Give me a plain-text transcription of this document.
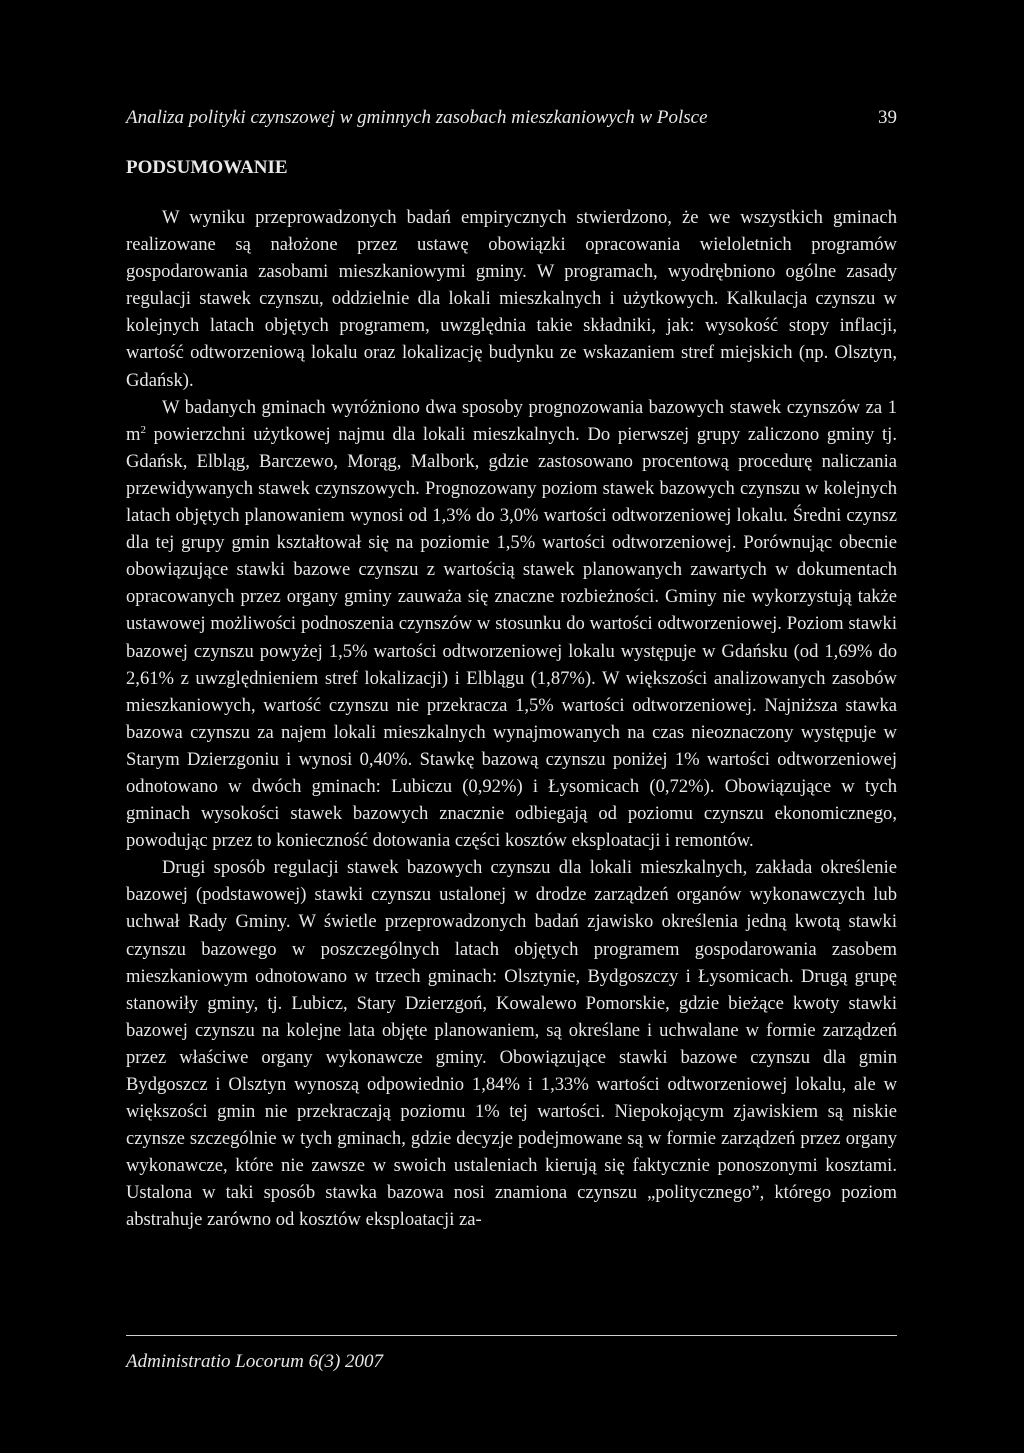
Analiza polityki czynszowej w gminnych zasobach mieszkaniowych w Polsce	39
PODSUMOWANIE

W wyniku przeprowadzonych badań empirycznych stwierdzono, że we wszystkich gminach realizowane są nałożone przez ustawę obowiązki opracowania wieloletnich programów gospodarowania zasobami mieszkaniowymi gminy. W programach, wyodrębniono ogólne zasady regulacji stawek czynszu, oddzielnie dla lokali mieszkalnych i użytkowych. Kalkulacja czynszu w kolejnych latach objętych programem, uwzględnia takie składniki, jak: wysokość stopy inflacji, wartość odtworzeniową lokalu oraz lokalizację budynku ze wskazaniem stref miejskich (np. Olsztyn, Gdańsk).

W badanych gminach wyróżniono dwa sposoby prognozowania bazowych stawek czynszów za 1 $m^2$ powierzchni użytkowej najmu dla lokali mieszkalnych. Do pierwszej grupy zaliczono gminy tj. Gdańsk, Elbląg, Barczewo, Morąg, Malbork, gdzie zastosowano procentową procedurę naliczania przewidywanych stawek czynszowych. Prognozowany poziom stawek bazowych czynszu w kolejnych latach objętych planowaniem wynosi od 1,3% do 3,0% wartości odtworzeniowej lokalu. Średni czynsz dla tej grupy gmin kształtował się na poziomie 1,5% wartości odtworzeniowej. Porównując obecnie obowiązujące stawki bazowe czynszu z wartością stawek planowanych zawartych w dokumentach opracowanych przez organy gminy zauważa się znaczne rozbieżności. Gminy nie wykorzystują także ustawowej możliwości podnoszenia czynszów w stosunku do wartości odtworzeniowej. Poziom stawki bazowej czynszu powyżej 1,5% wartości odtworzeniowej lokalu występuje w Gdańsku (od 1,69% do 2,61% z uwzględnieniem stref lokalizacji) i Elblągu (1,87%). W większości analizowanych zasobów mieszkaniowych, wartość czynszu nie przekracza 1,5% wartości odtworzeniowej. Najniższa stawka bazowa czynszu za najem lokali mieszkalnych wynajmowanych na czas nieoznaczony występuje w Starym Dzierzgoniu i wynosi 0,40%. Stawkę bazową czynszu poniżej 1% wartości odtworzeniowej odnotowano w dwóch gminach: Lubiczu (0,92%) i Łysomicach (0,72%). Obowiązujące w tych gminach wysokości stawek bazowych znacznie odbiegają od poziomu czynszu ekonomicznego, powodując przez to konieczność dotowania części kosztów eksploatacji i remontów.

Drugi sposób regulacji stawek bazowych czynszu dla lokali mieszkalnych, zakłada określenie bazowej (podstawowej) stawki czynszu ustalonej w drodze zarządzeń organów wykonawczych lub uchwał Rady Gminy. W świetle przeprowadzonych badań zjawisko określenia jedną kwotą stawki czynszu bazowego w poszczególnych latach objętych programem gospodarowania zasobem mieszkaniowym odnotowano w trzech gminach: Olsztynie, Bydgoszczy i Łysomicach. Drugą grupę stanowiły gminy, tj. Lubicz, Stary Dzierzgoń, Kowalewo Pomorskie, gdzie bieżące kwoty stawki bazowej czynszu na kolejne lata objęte planowaniem, są określane i uchwalane w formie zarządzeń przez właściwe organy wykonawcze gminy. Obowiązujące stawki bazowe czynszu dla gmin Bydgoszcz i Olsztyn wynoszą odpowiednio 1,84% i 1,33% wartości odtworzeniowej lokalu, ale w większości gmin nie przekraczają poziomu 1% tej wartości. Niepokojącym zjawiskiem są niskie czynsze szczególnie w tych gminach, gdzie decyzje podejmowane są w formie zarządzeń przez organy wykonawcze, które nie zawsze w swoich ustaleniach kierują się faktycznie ponoszonymi kosztami. Ustalona w taki sposób stawka bazowa nosi znamiona czynszu „politycznego”, którego poziom abstrahuje zarówno od kosztów eksploatacji za-

Administratio Locorum 6(3) 2007
